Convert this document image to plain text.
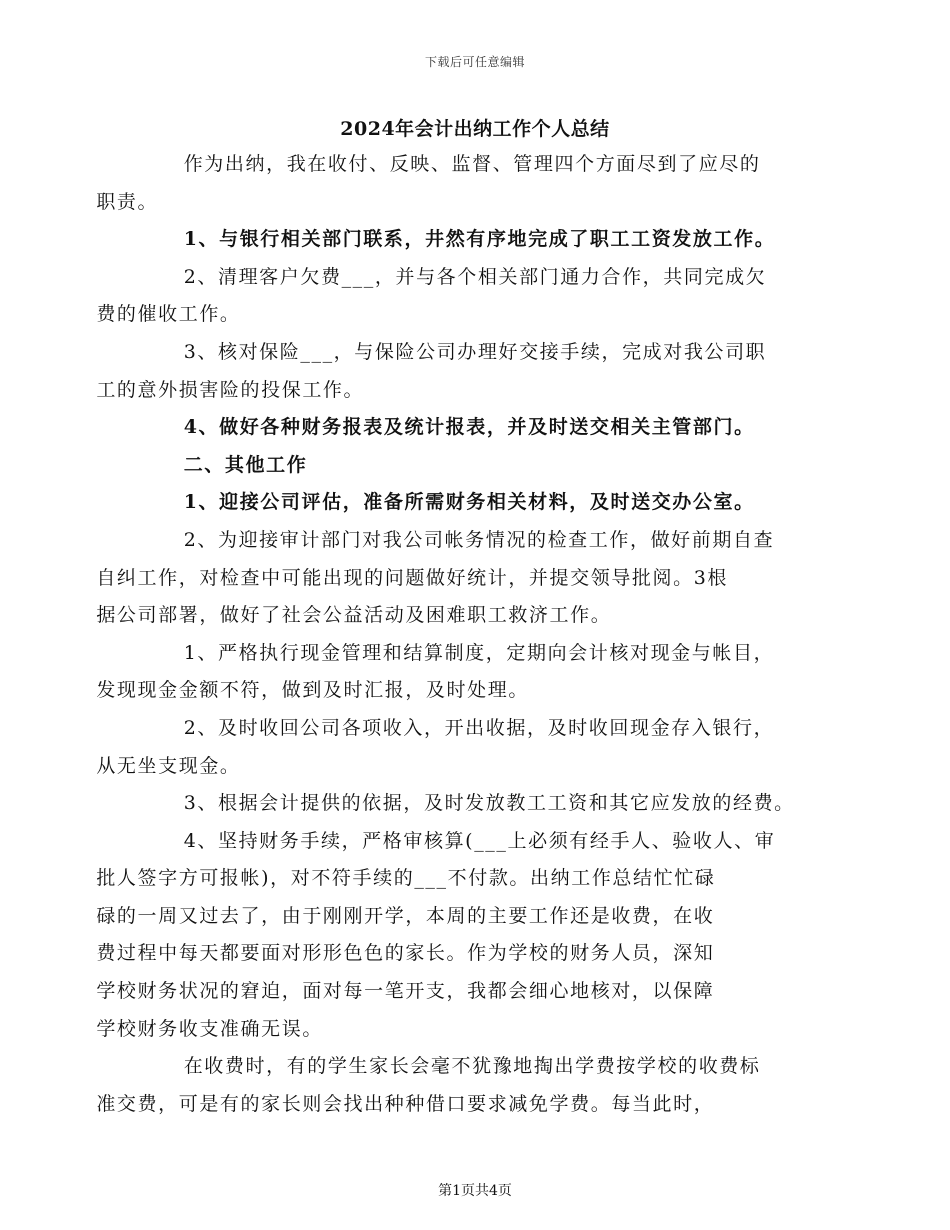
下载后可任意编辑
2024年会计出纳工作个人总结

作为出纳，我在收付、反映、监督、管理四个方面尽到了应尽的
职责。

1、与银行相关部门联系，井然有序地完成了职工工资发放工作。

2、清理客户欠费___，并与各个相关部门通力合作，共同完成欠
费的催收工作。

3、核对保险___，与保险公司办理好交接手续，完成对我公司职
工的意外损害险的投保工作。

4、做好各种财务报表及统计报表，并及时送交相关主管部门。

二、其他工作

1、迎接公司评估，准备所需财务相关材料，及时送交办公室。

2、为迎接审计部门对我公司帐务情况的检查工作，做好前期自查
自纠工作，对检查中可能出现的问题做好统计，并提交领导批阅。3根
据公司部署，做好了社会公益活动及困难职工救济工作。

1、严格执行现金管理和结算制度，定期向会计核对现金与帐目，
发现现金金额不符，做到及时汇报，及时处理。

2、及时收回公司各项收入，开出收据，及时收回现金存入银行，
从无坐支现金。

3、根据会计提供的依据，及时发放教工工资和其它应发放的经费。

4、坚持财务手续，严格审核算(___上必须有经手人、验收人、审
批人签字方可报帐)，对不符手续的___不付款。出纳工作总结忙忙碌
碌的一周又过去了，由于刚刚开学，本周的主要工作还是收费，在收
费过程中每天都要面对形形色色的家长。作为学校的财务人员，深知
学校财务状况的窘迫，面对每一笔开支，我都会细心地核对，以保障
学校财务收支准确无误。

在收费时，有的学生家长会毫不犹豫地掏出学费按学校的收费标
准交费，可是有的家长则会找出种种借口要求减免学费。每当此时，

第1页共4页
